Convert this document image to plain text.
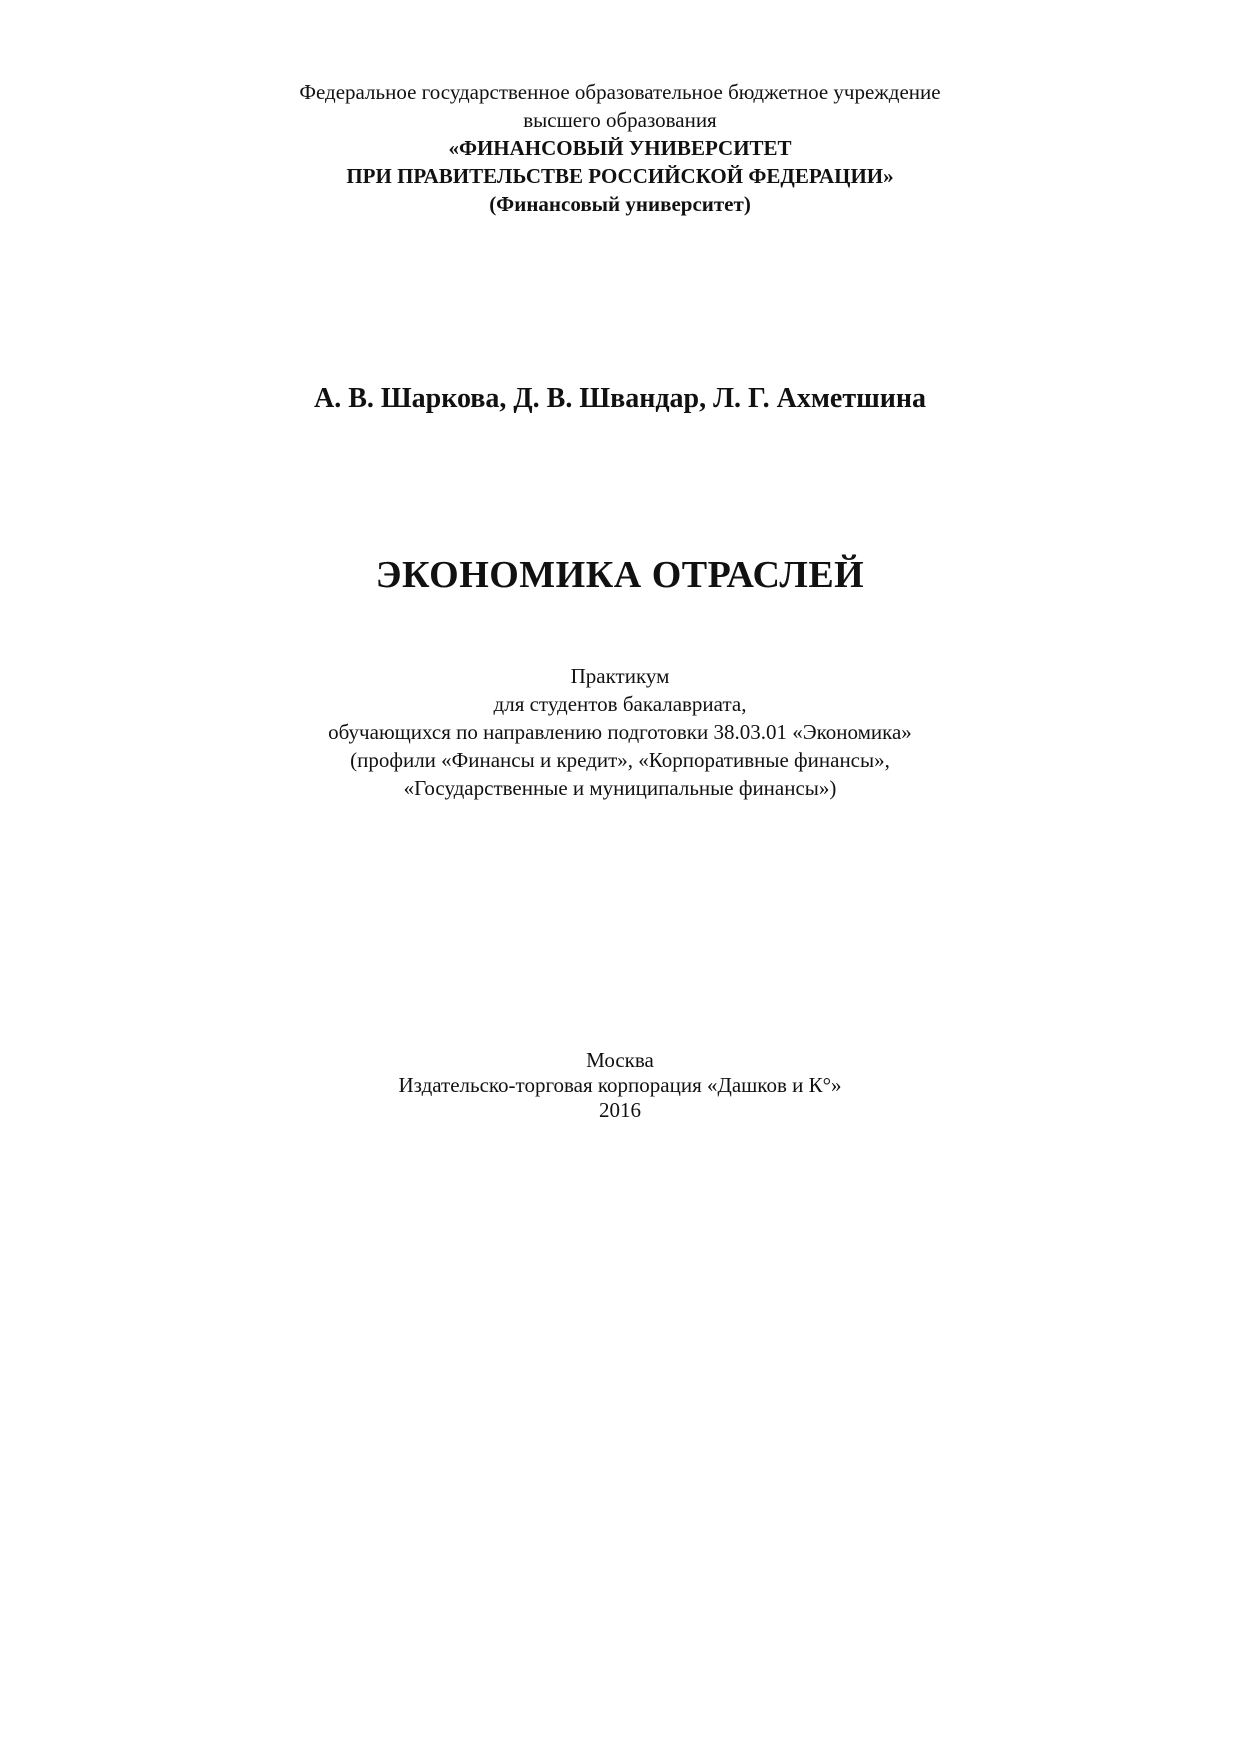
Федеральное государственное образовательное бюджетное учреждение
высшего образования
«ФИНАНСОВЫЙ УНИВЕРСИТЕТ
ПРИ ПРАВИТЕЛЬСТВЕ РОССИЙСКОЙ ФЕДЕРАЦИИ»
(Финансовый университет)
А. В. Шаркова, Д. В. Швандар, Л. Г. Ахметшина
ЭКОНОМИКА ОТРАСЛЕЙ
Практикум
для студентов бакалавриата,
обучающихся по направлению подготовки 38.03.01 «Экономика»
(профили «Финансы и кредит», «Корпоративные финансы»,
«Государственные и муниципальные финансы»)
Москва
Издательско-торговая корпорация «Дашков и К°»
2016
